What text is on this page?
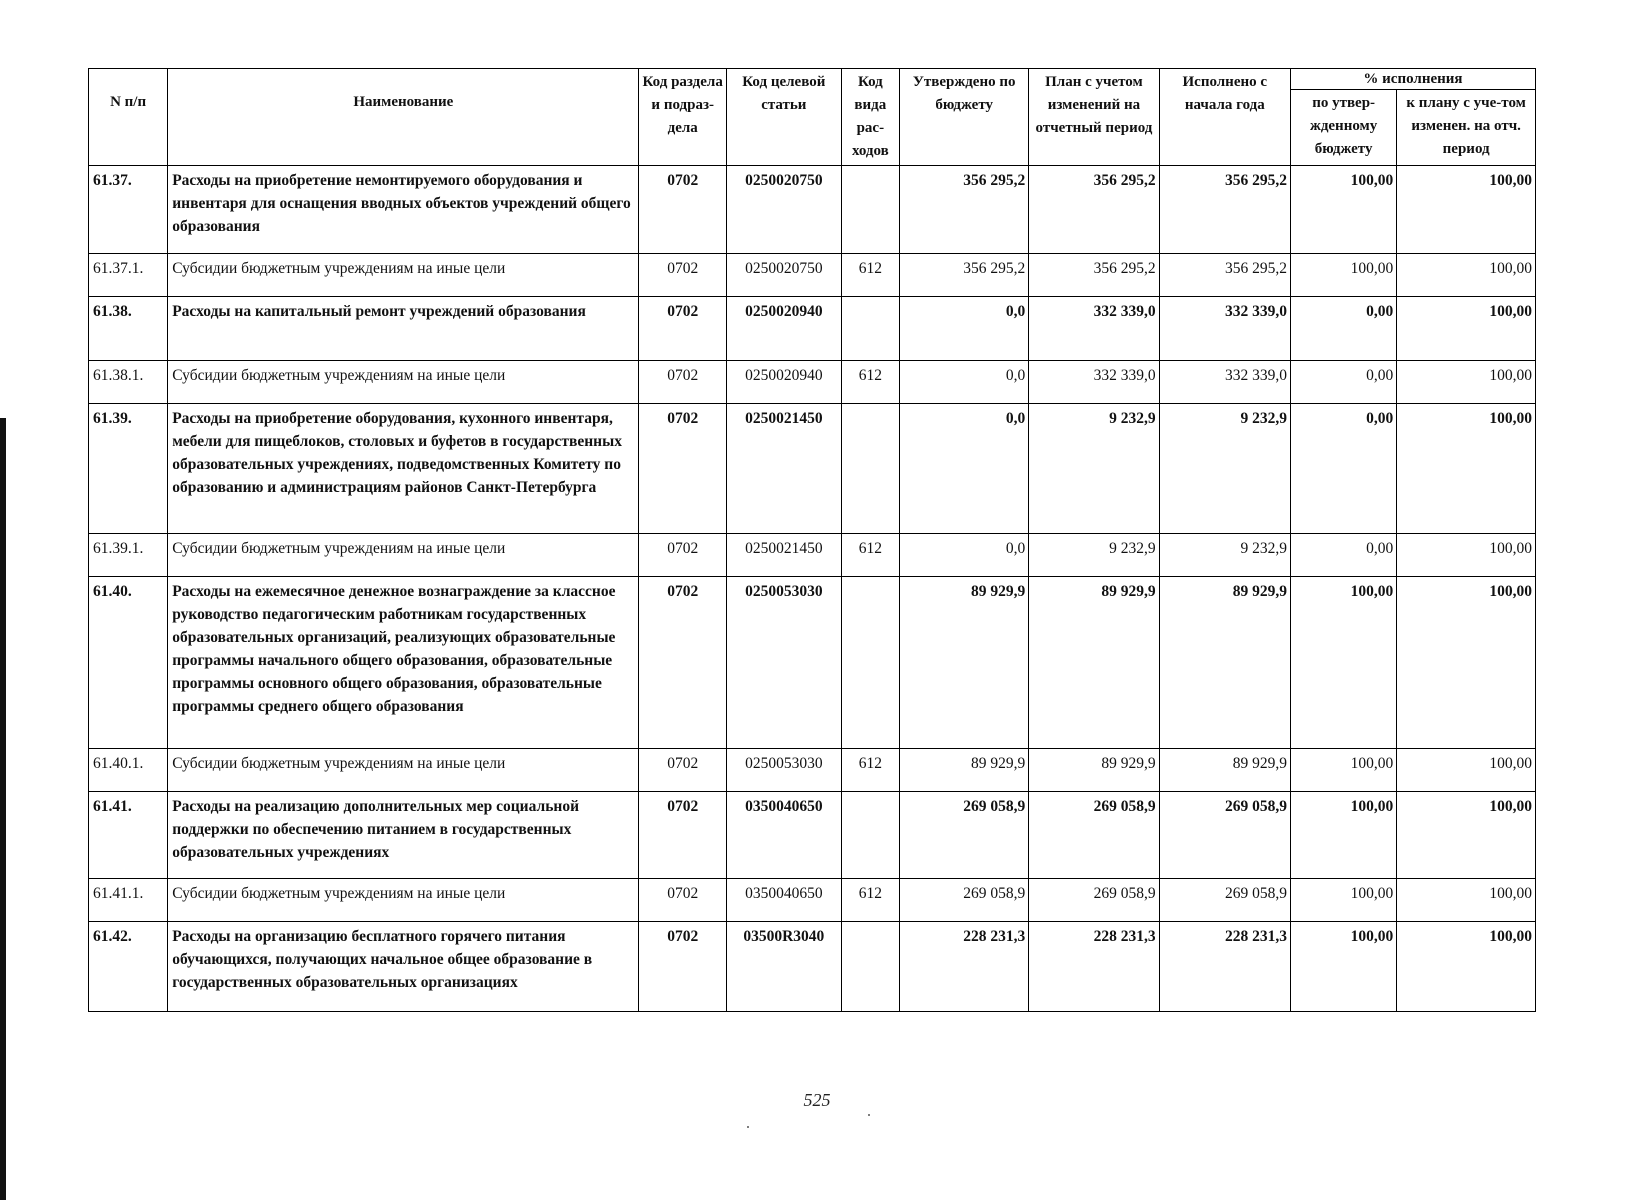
N п/п	Наименование	Код раздела и подраз-дела	Код целевой статьи	Код вида рас-ходов	Утверждено по бюджету	План с учетом изменений на отчетный период	Исполнено с начала года	% исполнения	
								по утвер-жденному бюджету	к плану с уче-том изменен. на отч. период
61.37.	Расходы на приобретение немонтируемого оборудования и инвентаря для оснащения вводных объектов учреждений общего образования	0702	0250020750		356 295,2	356 295,2	356 295,2	100,00	100,00
61.37.1.	Субсидии бюджетным учреждениям на иные цели	0702	0250020750	612	356 295,2	356 295,2	356 295,2	100,00	100,00
61.38.	Расходы на капитальный ремонт учреждений образования	0702	0250020940		0,0	332 339,0	332 339,0	0,00	100,00
61.38.1.	Субсидии бюджетным учреждениям на иные цели	0702	0250020940	612	0,0	332 339,0	332 339,0	0,00	100,00
61.39.	Расходы на приобретение оборудования, кухонного инвентаря, мебели для пищеблоков, столовых и буфетов в государственных образовательных учреждениях, подведомственных Комитету по образованию и администрациям районов Санкт-Петербурга	0702	0250021450		0,0	9 232,9	9 232,9	0,00	100,00
61.39.1.	Субсидии бюджетным учреждениям на иные цели	0702	0250021450	612	0,0	9 232,9	9 232,9	0,00	100,00
61.40.	Расходы на ежемесячное денежное вознаграждение за классное руководство педагогическим работникам государственных образовательных организаций, реализующих образовательные программы начального общего образования, образовательные программы основного общего образования, образовательные программы среднего общего образования	0702	0250053030		89 929,9	89 929,9	89 929,9	100,00	100,00
61.40.1.	Субсидии бюджетным учреждениям на иные цели	0702	0250053030	612	89 929,9	89 929,9	89 929,9	100,00	100,00
61.41.	Расходы на реализацию дополнительных мер социальной поддержки по обеспечению питанием в государственных образовательных учреждениях	0702	0350040650		269 058,9	269 058,9	269 058,9	100,00	100,00
61.41.1.	Субсидии бюджетным учреждениям на иные цели	0702	0350040650	612	269 058,9	269 058,9	269 058,9	100,00	100,00
61.42.	Расходы на организацию бесплатного горячего питания обучающихся, получающих начальное общее образование в государственных образовательных организациях	0702	03500R3040		228 231,3	228 231,3	228 231,3	100,00	100,00
525
